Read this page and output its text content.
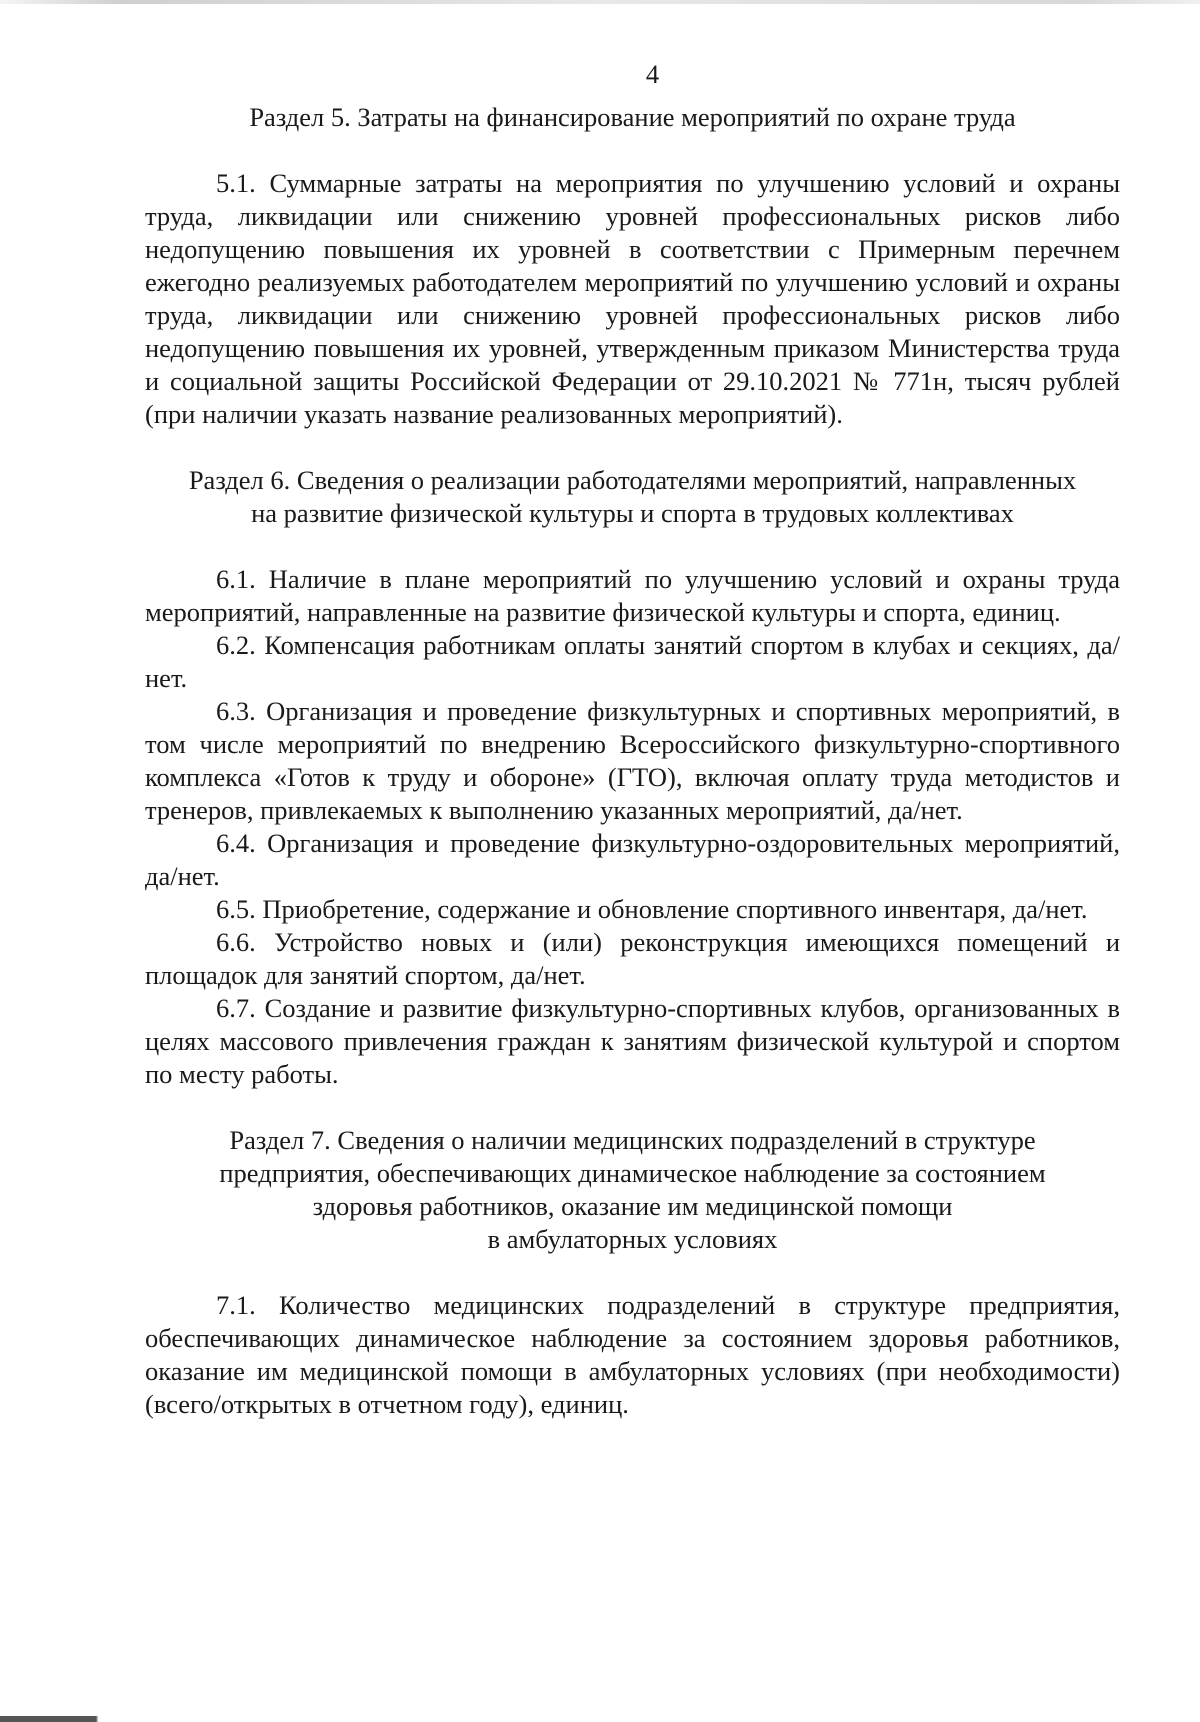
4
Раздел 5. Затраты на финансирование мероприятий по охране труда

5.1. Суммарные затраты на мероприятия по улучшению условий и охраны труда, ликвидации или снижению уровней профессиональных рисков либо недопущению повышения их уровней в соответствии с Примерным перечнем ежегодно реализуемых работодателем мероприятий по улучшению условий и охраны труда, ликвидации или снижению уровней профессиональных рисков либо недопущению повышения их уровней, утвержденным приказом Министерства труда и социальной защиты Российской Федерации от 29.10.2021 № 771н, тысяч рублей (при наличии указать название реализованных мероприятий).

Раздел 6. Сведения о реализации работодателями мероприятий, направленных
на развитие физической культуры и спорта в трудовых коллективах

6.1. Наличие в плане мероприятий по улучшению условий и охраны труда мероприятий, направленные на развитие физической культуры и спорта, единиц.

6.2. Компенсация работникам оплаты занятий спортом в клубах и секциях, да/нет.

6.3. Организация и проведение физкультурных и спортивных мероприятий, в том числе мероприятий по внедрению Всероссийского физкультурно-спортивного комплекса «Готов к труду и обороне» (ГТО), включая оплату труда методистов и тренеров, привлекаемых к выполнению указанных мероприятий, да/нет.

6.4. Организация и проведение физкультурно-оздоровительных мероприятий, да/нет.

6.5. Приобретение, содержание и обновление спортивного инвентаря, да/нет.

6.6. Устройство новых и (или) реконструкция имеющихся помещений и площадок для занятий спортом, да/нет.

6.7. Создание и развитие физкультурно-спортивных клубов, организованных в целях массового привлечения граждан к занятиям физической культурой и спортом по месту работы.

Раздел 7. Сведения о наличии медицинских подразделений в структуре
предприятия, обеспечивающих динамическое наблюдение за состоянием
здоровья работников, оказание им медицинской помощи
в амбулаторных условиях

7.1. Количество медицинских подразделений в структуре предприятия, обеспечивающих динамическое наблюдение за состоянием здоровья работников, оказание им медицинской помощи в амбулаторных условиях (при необходимости) (всего/открытых в отчетном году), единиц.
